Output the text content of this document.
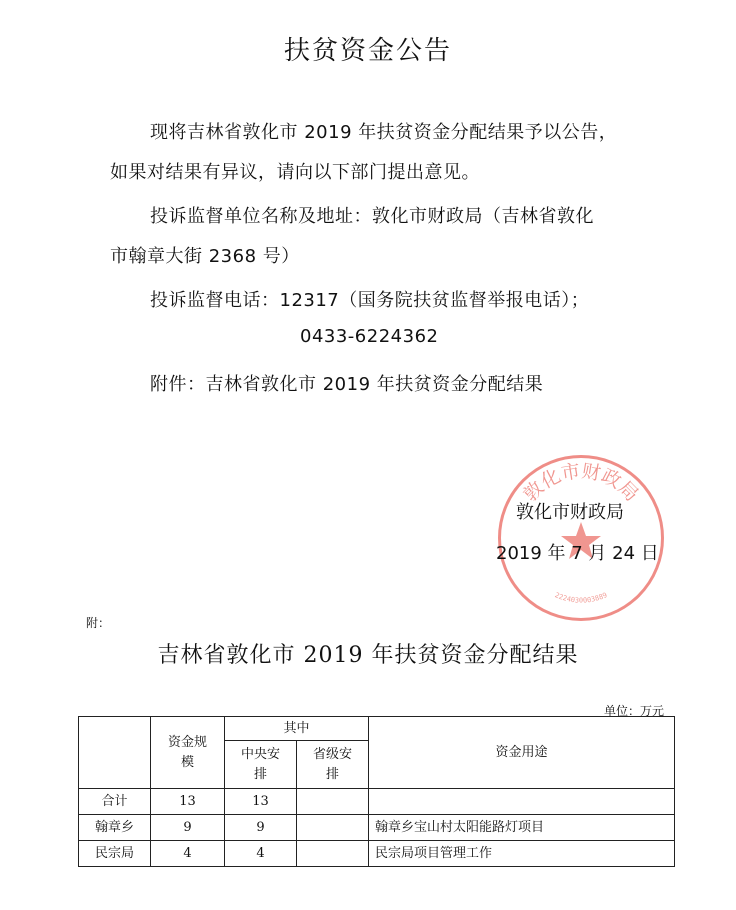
扶贫资金公告
现将吉林省敦化市 2019 年扶贫资金分配结果予以公告，
如果对结果有异议，请向以下部门提出意见。
投诉监督单位名称及地址：敦化市财政局（吉林省敦化
市翰章大街 2368 号）
投诉监督电话：12317（国务院扶贫监督举报电话）；
0433-6224362
附件：吉林省敦化市 2019 年扶贫资金分配结果
敦化市财政局
2224030003889
敦化市财政局
2019 年 7 月 24 日
附：
吉林省敦化市 2019 年扶贫资金分配结果
单位：万元
	资金规模	其中		资金用途
		中央安排	省级安排	
合计	13	13		
翰章乡	9	9		翰章乡宝山村太阳能路灯项目
民宗局	4	4		民宗局项目管理工作
